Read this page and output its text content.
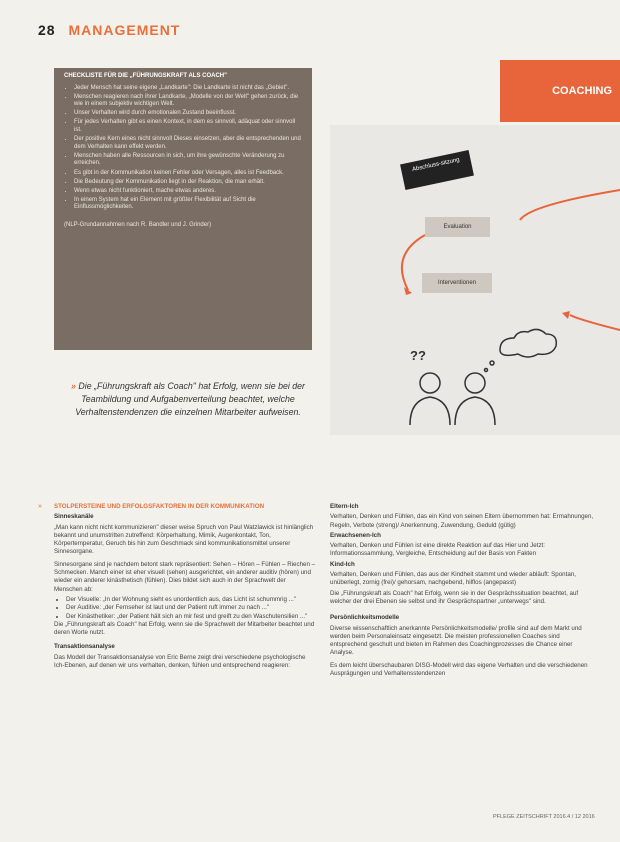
28 MANAGEMENT
COACHING
CHECKLISTE FÜR DIE „FÜHRUNGSKRAFT ALS COACH"
• Jeder Mensch hat seine eigene „Landkarte": Die Landkarte ist nicht das „Gebiet".
• Menschen reagieren nach ihrer Landkarte, „Modelle von der Welt" gehen zurück, die wie in einem subjektiv wichtigen Welt.
• Unser Verhalten wird durch emotionalen Zustand beeinflusst.
• Für jedes Verhalten gibt es einen Kontext, in dem es sinnvoll, adäquat oder sinnvoll ist.
• Der positive Kern eines nicht sinnvoll Dieses einsetzen, aber die entsprechenden und dem Verhalten kann effekt werden.
• Menschen haben alle Ressourcen in sich, um ihre gewünschte Veränderung zu erreichen.
• Es gibt in der Kommunikation keinen Fehler oder Versagen, alles ist Feedback.
• Die Bedeutung der Kommunikation liegt in der Reaktion, die man erhält.
• Wenn etwas nicht funktioniert, mache etwas anderes.
• In einem System hat ein Element mit größter Flexibilität auf Sicht die Einflussmöglichkeiten.
(NLP-Grundannahmen nach R. Bandler und J. Grinder)
??
Abschluss-sitzung
Evaluation
Interventionen
» Die „Führungskraft als Coach" hat Erfolg, wenn sie bei der Teambildung und Aufgabenverteilung beachtet, welche Verhaltenstendenzen die einzelnen Mitarbeiter aufweisen.
» STOLPERSTEINE UND ERFOLGSFAKTOREN IN DER KOMMUNIKATION

Sinneskanäle

„Man kann nicht nicht kommunizieren" dieser weise Spruch von Paul Watzlawick ist hinlänglich bekannt und unumstritten zutreffend: Körperhaltung, Mimik, Augenkontakt, Ton, Körpertemperatur, Geruch bis hin zum Geschmack sind kommunikationsmittel unserer Sinnesorgane.

Sinnesorgane sind je nachdem betont stark repräsentiert: Sehen – Hören – Fühlen – Riechen – Schmecken. Manch einer ist eher visuell (sehen) ausgerichtet, ein anderer auditiv (hören) und wieder ein anderer kinästhetisch (fühlen). Dies bildet sich auch in der Sprachwelt der Menschen ab:

• Der Visuelle: „In der Wohnung sieht es unordentlich aus, das Licht ist schummrig ..."
• Der Auditive: „der Fernseher ist laut und der Patient ruft immer zu nach ..."
• Der Kinästhetiker: „der Patient hält sich an mir fest und greift zu den Waschutensilien ..."

Die „Führungskraft als Coach" hat Erfolg, wenn sie die Sprachwelt der Mitarbeiter beachtet und deren Worte nutzt.

Transaktionsanalyse

Das Modell der Transaktionsanalyse von Eric Berne zeigt drei verschiedene psychologische Ich-Ebenen, auf denen wir uns verhalten, denken, fühlen und entsprechend reagieren:

Eltern-Ich

Verhalten, Denken und Fühlen, das ein Kind von seinen Eltern übernommen hat: Ermahnungen, Regeln, Verbote (streng)/ Anerkennung, Zuwendung, Geduld (gütig)

Erwachsenen-Ich

Verhalten, Denken und Fühlen ist eine direkte Reaktion auf das Hier und Jetzt: Informationssammlung, Vergleiche, Entscheidung auf der Basis von Fakten

Kind-Ich

Verhalten, Denken und Fühlen, das aus der Kindheit stammt und wieder abläuft: Spontan, unüberlegt, zornig (frei)/ gehorsam, nachgebend, hilflos (angepasst)

Die „Führungskraft als Coach" hat Erfolg, wenn sie in der Gesprächssituation beachtet, auf welcher der drei Ebenen sie selbst und ihr Gesprächspartner „unterwegs" sind.

Persönlichkeitsmodelle

Diverse wissenschaftlich anerkannte Persönlichkeitsmodelle/ profile sind auf dem Markt und werden beim Personaleinsatz eingesetzt. Die meisten professionellen Coaches sind entsprechend geschult und bieten im Rahmen des Coachingprozesses die Chance einer Analyse.

Es dem leicht überschaubaren DISG-Modell wird das eigene Verhalten und die verschiedenen Ausprägungen und Verhaltensstendenzen

PFLEGE ZEITSCHRIFT 2016.4 / 12 2016
